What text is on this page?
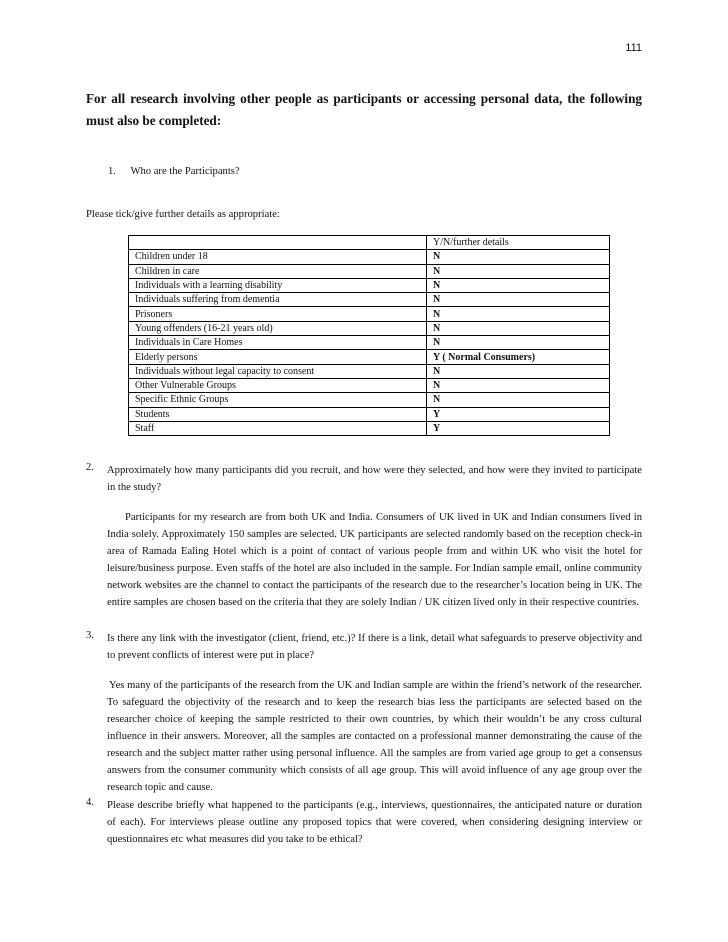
111
For all research involving other people as participants or accessing personal data, the following must also be completed:
1. Who are the Participants?
Please tick/give further details as appropriate:
	Y/N/further details
Children under 18	N
Children in care	N
Individuals with a learning disability	N
Individuals suffering from dementia	N
Prisoners	N
Young offenders (16-21 years old)	N
Individuals in Care Homes	N
Elderly persons	Y ( Normal Consumers)
Individuals without legal capacity to consent	N
Other Vulnerable Groups	N
Specific Ethnic Groups	N
Students	Y
Staff	Y
2.	Approximately how many participants did you recruit, and how were they selected, and how were they invited to participate in the study?
Participants for my research are from both UK and India. Consumers of UK lived in UK and Indian consumers lived in India solely. Approximately 150 samples are selected. UK participants are selected randomly based on the reception check-in area of Ramada Ealing Hotel which is a point of contact of various people from and within UK who visit the hotel for leisure/business purpose. Even staffs of the hotel are also included in the sample. For Indian sample email, online community network websites are the channel to contact the participants of the research due to the researcher’s location being in UK. The entire samples are chosen based on the criteria that they are solely Indian / UK citizen lived only in their respective countries.
3.	Is there any link with the investigator (client, friend, etc.)? If there is a link, detail what safeguards to preserve objectivity and to prevent conflicts of interest were put in place?
Yes many of the participants of the research from the UK and Indian sample are within the friend’s network of the researcher. To safeguard the objectivity of the research and to keep the research bias less the participants are selected based on the researcher choice of keeping the sample restricted to their own countries, by which their wouldn’t be any cross cultural influence in their answers. Moreover, all the samples are contacted on a professional manner demonstrating the cause of the research and the subject matter rather using personal influence. All the samples are from varied age group to get a consensus answers from the consumer community which consists of all age group. This will avoid influence of any age group over the research topic and cause.
4.	Please describe briefly what happened to the participants (e.g., interviews, questionnaires, the anticipated nature or duration of each). For interviews please outline any proposed topics that were covered, when considering designing interview or questionnaires etc what measures did you take to be ethical?
